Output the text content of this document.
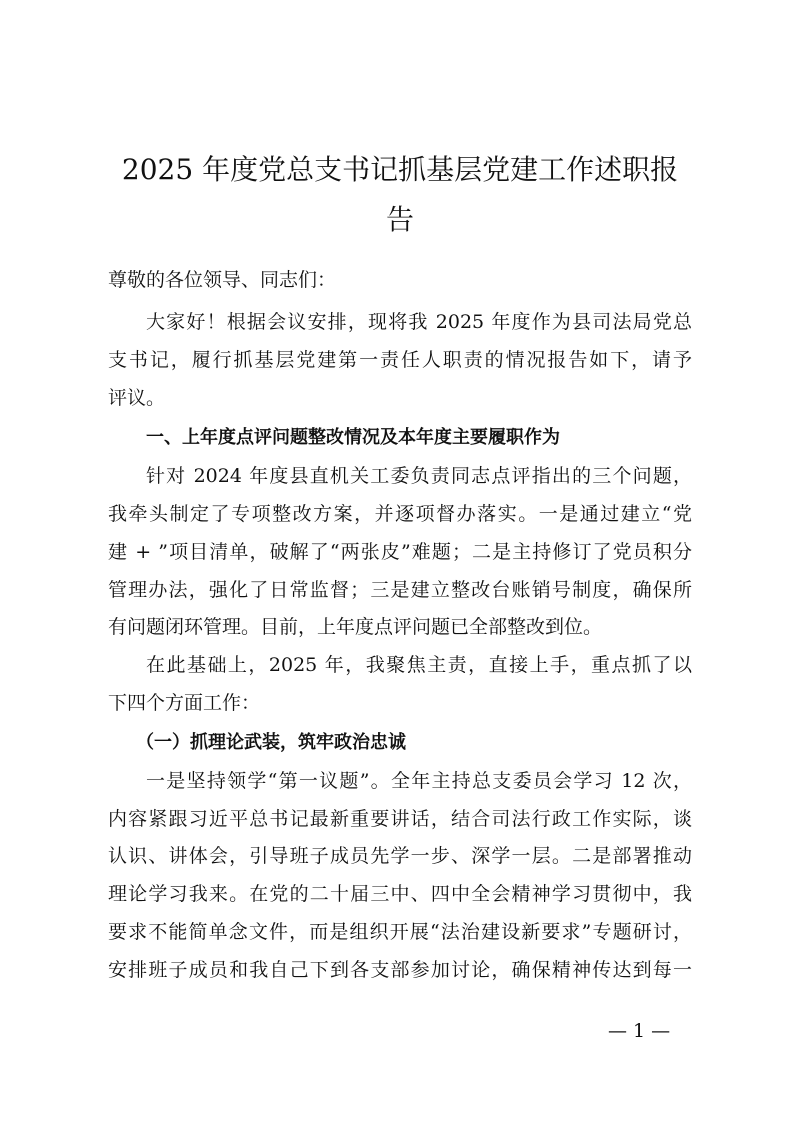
2025 年度党总支书记抓基层党建工作述职报
告
尊敬的各位领导、同志们：
大家好！根据会议安排，现将我 2025 年度作为县司法局党总
支书记，履行抓基层党建第一责任人职责的情况报告如下，请予
评议。
一、上年度点评问题整改情况及本年度主要履职作为
针对 2024 年度县直机关工委负责同志点评指出的三个问题，
我牵头制定了专项整改方案，并逐项督办落实。一是通过建立“党
建 + ”项目清单，破解了“两张皮”难题；二是主持修订了党员积分
管理办法，强化了日常监督；三是建立整改台账销号制度，确保所
有问题闭环管理。目前，上年度点评问题已全部整改到位。
在此基础上，2025 年，我聚焦主责，直接上手，重点抓了以
下四个方面工作：
（一）抓理论武装，筑牢政治忠诚
一是坚持领学“第一议题”。全年主持总支委员会学习 12 次，
内容紧跟习近平总书记最新重要讲话，结合司法行政工作实际，谈
认识、讲体会，引导班子成员先学一步、深学一层。二是部署推动
理论学习我来。在党的二十届三中、四中全会精神学习贯彻中，我
要求不能简单念文件，而是组织开展“法治建设新要求”专题研讨，
安排班子成员和我自己下到各支部参加讨论，确保精神传达到每一
— 1 —
